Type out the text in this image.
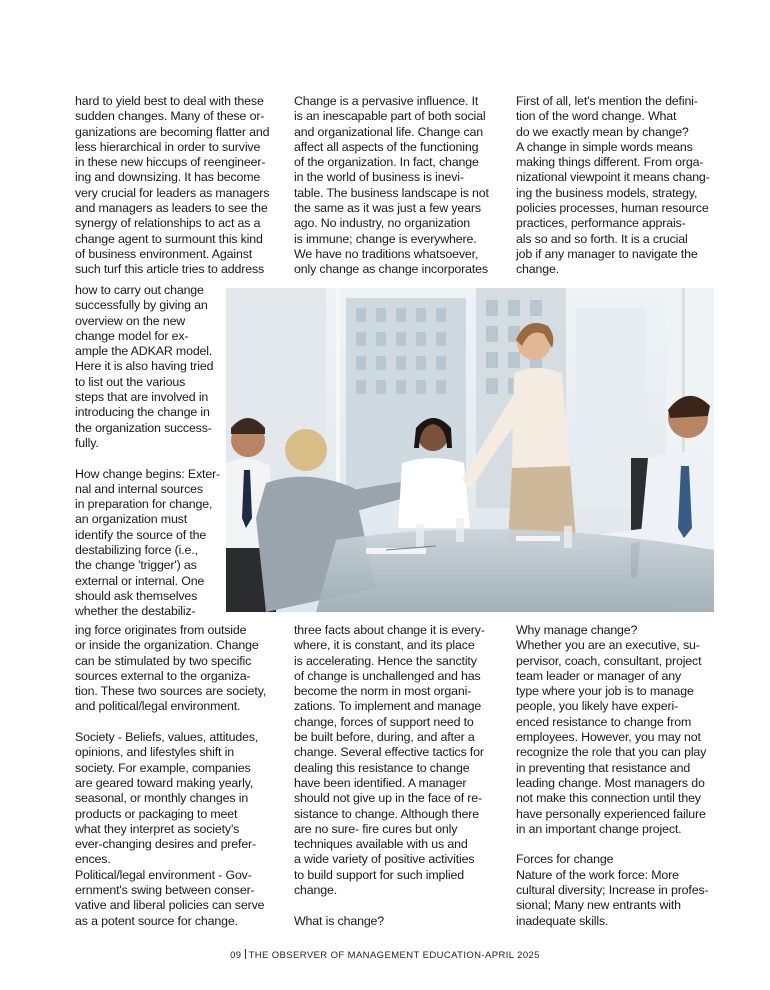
hard to yield best to deal with these
sudden changes. Many of these or-
ganizations are becoming flatter and
less hierarchical in order to survive
in these new hiccups of reengineer-
ing and downsizing. It has become
very crucial for leaders as managers
and managers as leaders to see the
synergy of relationships to act as a
change agent to surmount this kind
of business environment. Against
such turf this article tries to address

how to carry out change
successfully by giving an
overview on the new
change model for ex-
ample the ADKAR model.
Here it is also having tried
to list out the various
steps that are involved in
introducing the change in
the organization success-
fully.

How change begins: Exter-
nal and internal sources
in preparation for change,
an organization must
identify the source of the
destabilizing force (i.e.,
the change 'trigger') as
external or internal. One
should ask themselves
whether the destabiliz-

ing force originates from outside
or inside the organization. Change
can be stimulated by two specific
sources external to the organiza-
tion. These two sources are society,
and political/legal environment.

Society - Beliefs, values, attitudes,
opinions, and lifestyles shift in
society. For example, companies
are geared toward making yearly,
seasonal, or monthly changes in
products or packaging to meet
what they interpret as society's
ever-changing desires and prefer-
ences.
Political/legal environment - Gov-
ernment's swing between conser-
vative and liberal policies can serve
as a potent source for change.

Change is a pervasive influence. It
is an inescapable part of both social
and organizational life. Change can
affect all aspects of the functioning
of the organization. In fact, change
in the world of business is inevi-
table. The business landscape is not
the same as it was just a few years
ago. No industry, no organization
is immune; change is everywhere.
We have no traditions whatsoever,
only change as change incorporates

three facts about change it is every-
where, it is constant, and its place
is accelerating. Hence the sanctity
of change is unchallenged and has
become the norm in most organi-
zations. To implement and manage
change, forces of support need to
be built before, during, and after a
change. Several effective tactics for
dealing this resistance to change
have been identified. A manager
should not give up in the face of re-
sistance to change. Although there
are no sure- fire cures but only
techniques available with us and
a wide variety of positive activities
to build support for such implied
change.

What is change?

First of all, let's mention the defini-
tion of the word change. What
do we exactly mean by change?
A change in simple words means
making things different. From orga-
nizational viewpoint it means chang-
ing the business models, strategy,
policies processes, human resource
practices, performance apprais-
als so and so forth. It is a crucial
job if any manager to navigate the
change.

Why manage change?
Whether you are an executive, su-
pervisor, coach, consultant, project
team leader or manager of any
type where your job is to manage
people, you likely have experi-
enced resistance to change from
employees. However, you may not
recognize the role that you can play
in preventing that resistance and
leading change. Most managers do
not make this connection until they
have personally experienced failure
in an important change project.

Forces for change
Nature of the work force: More
cultural diversity; Increase in profes-
sional; Many new entrants with
inadequate skills.

09 THE OBSERVER OF MANAGEMENT EDUCATION-APRIL 2025
